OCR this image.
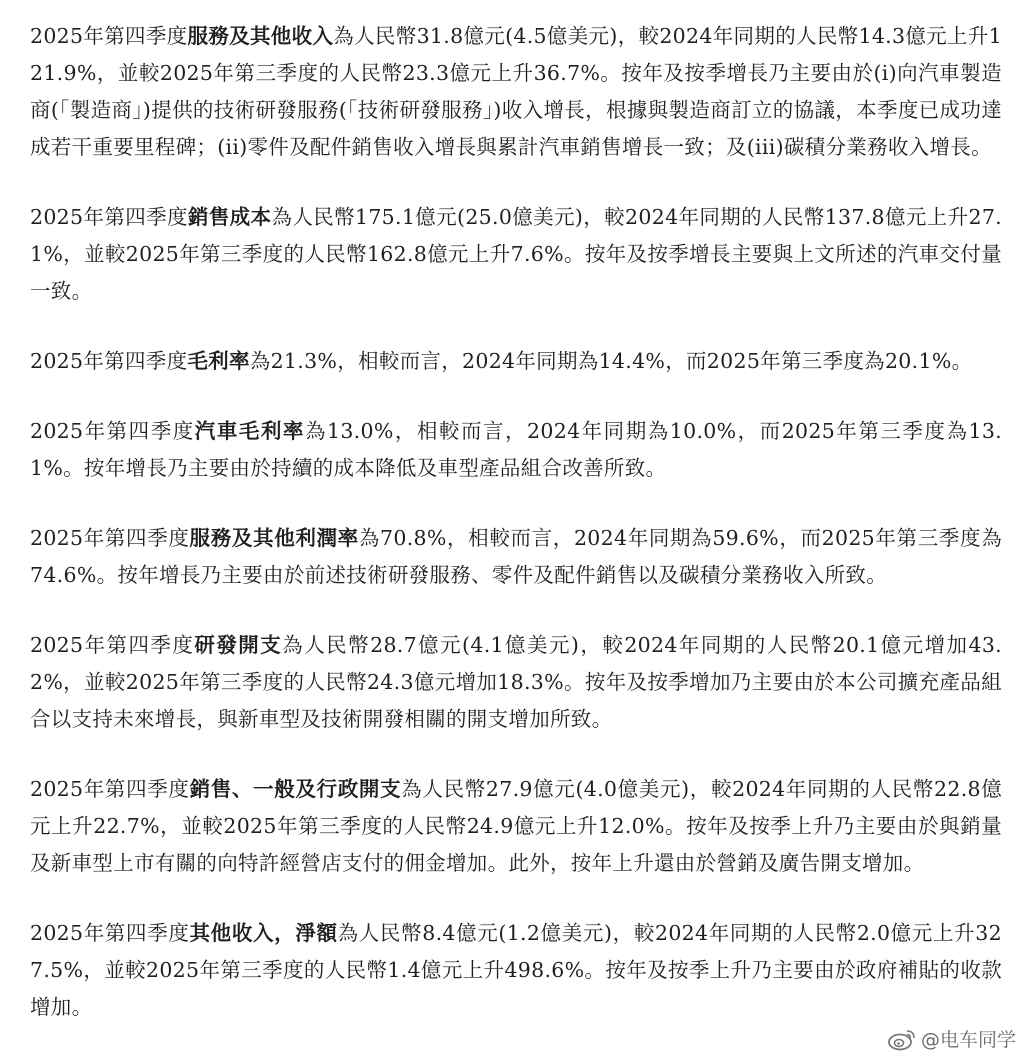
2025年第四季度服務及其他收入為人民幣31.8億元(4.5億美元)，較2024年同期的人民幣14.3億元上升121.9%，並較2025年第三季度的人民幣23.3億元上升36.7%。按年及按季增長乃主要由於(i)向汽車製造商(「製造商」)提供的技術研發服務(「技術研發服務」)收入增長，根據與製造商訂立的協議，本季度已成功達成若干重要里程碑；(ii)零件及配件銷售收入增長與累計汽車銷售增長一致；及(iii)碳積分業務收入增長。

2025年第四季度銷售成本為人民幣175.1億元(25.0億美元)，較2024年同期的人民幣137.8億元上升27.1%，並較2025年第三季度的人民幣162.8億元上升7.6%。按年及按季增長主要與上文所述的汽車交付量一致。

2025年第四季度毛利率為21.3%，相較而言，2024年同期為14.4%，而2025年第三季度為20.1%。

2025年第四季度汽車毛利率為13.0%，相較而言，2024年同期為10.0%，而2025年第三季度為13.1%。按年增長乃主要由於持續的成本降低及車型產品組合改善所致。

2025年第四季度服務及其他利潤率為70.8%，相較而言，2024年同期為59.6%，而2025年第三季度為74.6%。按年增長乃主要由於前述技術研發服務、零件及配件銷售以及碳積分業務收入所致。

2025年第四季度研發開支為人民幣28.7億元(4.1億美元)，較2024年同期的人民幣20.1億元增加43.2%，並較2025年第三季度的人民幣24.3億元增加18.3%。按年及按季增加乃主要由於本公司擴充產品組合以支持未來增長，與新車型及技術開發相關的開支增加所致。

2025年第四季度銷售、一般及行政開支為人民幣27.9億元(4.0億美元)，較2024年同期的人民幣22.8億元上升22.7%，並較2025年第三季度的人民幣24.9億元上升12.0%。按年及按季上升乃主要由於與銷量及新車型上市有關的向特許經營店支付的佣金增加。此外，按年上升還由於營銷及廣告開支增加。

2025年第四季度其他收入，淨額為人民幣8.4億元(1.2億美元)，較2024年同期的人民幣2.0億元上升327.5%，並較2025年第三季度的人民幣1.4億元上升498.6%。按年及按季上升乃主要由於政府補貼的收款增加。

@电车同学
